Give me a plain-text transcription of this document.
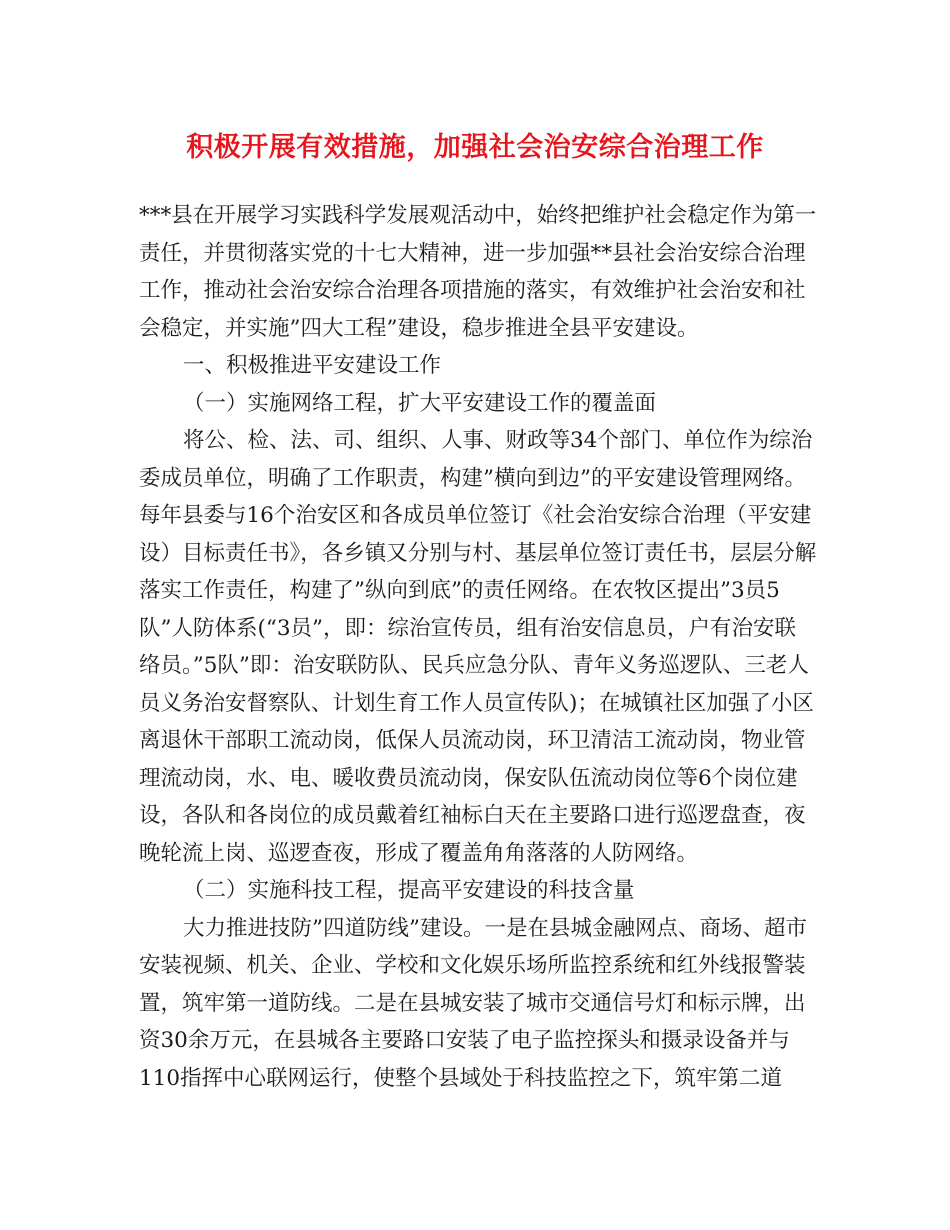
积极开展有效措施，加强社会治安综合治理工作

***县在开展学习实践科学发展观活动中，始终把维护社会稳定作为第一责任，并贯彻落实党的十七大精神，进一步加强**县社会治安综合治理工作，推动社会治安综合治理各项措施的落实，有效维护社会治安和社会稳定，并实施”四大工程”建设，稳步推进全县平安建设。

一、积极推进平安建设工作

（一）实施网络工程，扩大平安建设工作的覆盖面

将公、检、法、司、组织、人事、财政等34个部门、单位作为综治委成员单位，明确了工作职责，构建”横向到边”的平安建设管理网络。每年县委与16个治安区和各成员单位签订《社会治安综合治理（平安建设）目标责任书》，各乡镇又分别与村、基层单位签订责任书，层层分解落实工作责任，构建了”纵向到底”的责任网络。在农牧区提出”3员5队”人防体系(“3员”，即：综治宣传员，组有治安信息员，户有治安联络员。”5队”即：治安联防队、民兵应急分队、青年义务巡逻队、三老人员义务治安督察队、计划生育工作人员宣传队)；在城镇社区加强了小区离退休干部职工流动岗，低保人员流动岗，环卫清洁工流动岗，物业管理流动岗，水、电、暖收费员流动岗，保安队伍流动岗位等6个岗位建设，各队和各岗位的成员戴着红袖标白天在主要路口进行巡逻盘查，夜晚轮流上岗、巡逻查夜，形成了覆盖角角落落的人防网络。

（二）实施科技工程，提高平安建设的科技含量

大力推进技防”四道防线”建设。一是在县城金融网点、商场、超市安装视频、机关、企业、学校和文化娱乐场所监控系统和红外线报警装置，筑牢第一道防线。二是在县城安装了城市交通信号灯和标示牌，出资30余万元，在县城各主要路口安装了电子监控探头和摄录设备并与110指挥中心联网运行，使整个县域处于科技监控之下，筑牢第二道
